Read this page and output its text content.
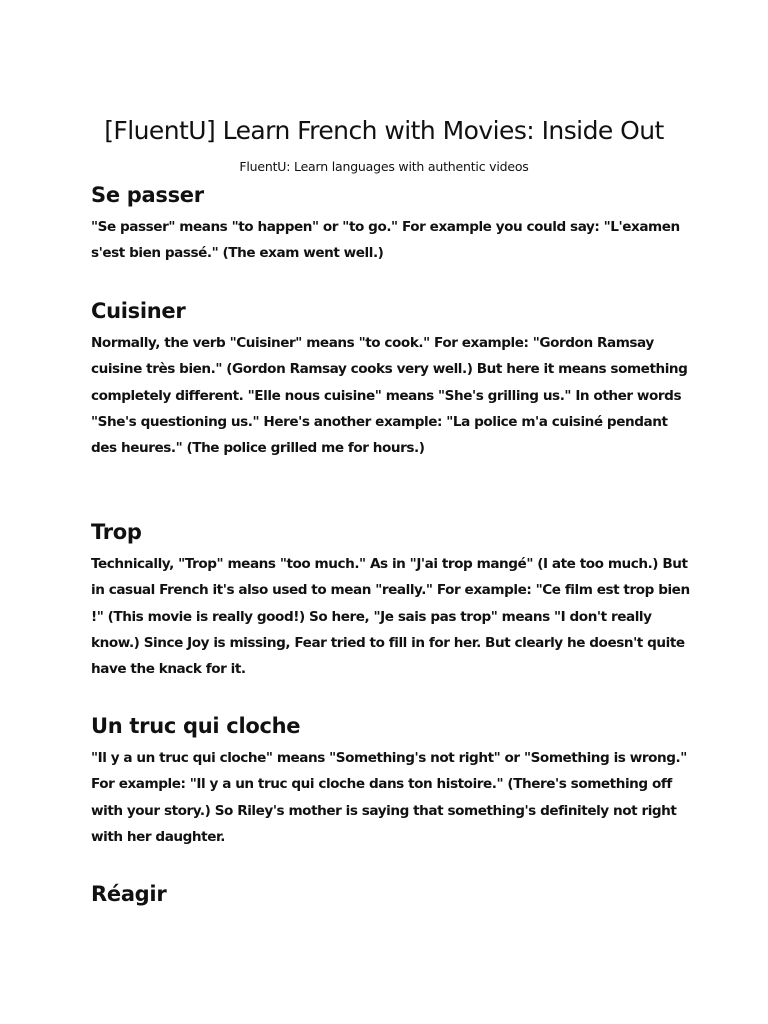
[FluentU] Learn French with Movies: Inside Out

FluentU: Learn languages with authentic videos

Se passer

"Se passer" means "to happen" or "to go." For example you could say: "L'examen s'est bien passé." (The exam went well.)

Cuisiner

Normally, the verb "Cuisiner" means "to cook." For example: "Gordon Ramsay cuisine très bien." (Gordon Ramsay cooks very well.) But here it means something completely different. "Elle nous cuisine" means "She's grilling us." In other words "She's questioning us." Here's another example: "La police m'a cuisiné pendant des heures." (The police grilled me for hours.)

Trop

Technically, "Trop" means "too much." As in "J'ai trop mangé" (I ate too much.) But in casual French it's also used to mean "really." For example: "Ce film est trop bien !" (This movie is really good!) So here, "Je sais pas trop" means "I don't really know.) Since Joy is missing, Fear tried to fill in for her. But clearly he doesn't quite have the knack for it.

Un truc qui cloche

"Il y a un truc qui cloche" means "Something's not right" or "Something is wrong." For example: "Il y a un truc qui cloche dans ton histoire." (There's something off with your story.) So Riley's mother is saying that something's definitely not right with her daughter.

Réagir
